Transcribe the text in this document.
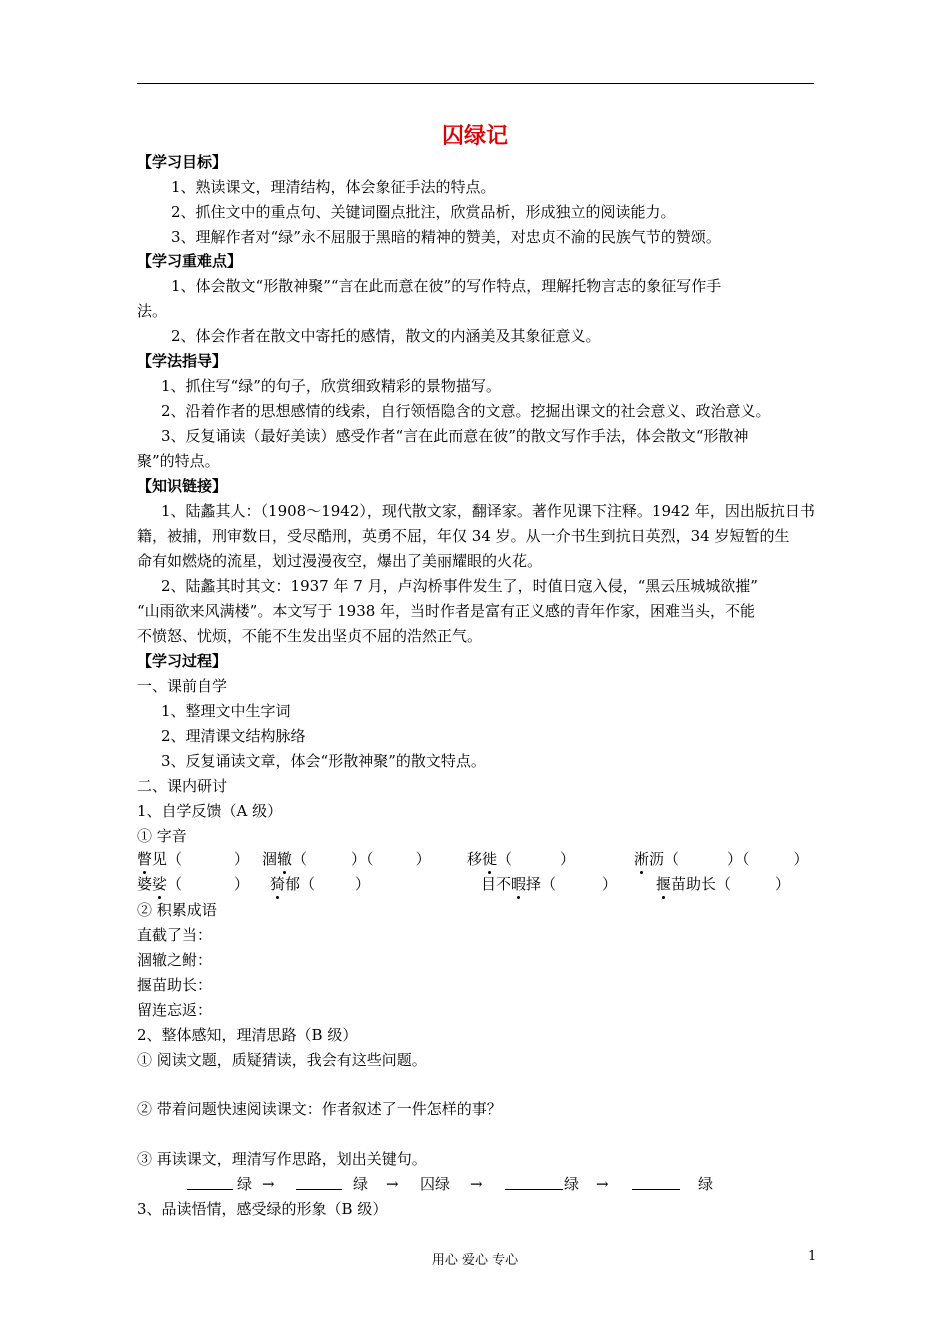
囚绿记
【学习目标】
1、熟读课文，理清结构，体会象征手法的特点。
2、抓住文中的重点句、关键词圈点批注，欣赏品析，形成独立的阅读能力。
3、理解作者对“绿”永不屈服于黑暗的精神的赞美，对忠贞不渝的民族气节的赞颂。
【学习重难点】
1、体会散文“形散神聚”“言在此而意在彼”的写作特点，理解托物言志的象征写作手
法。
2、体会作者在散文中寄托的感情，散文的内涵美及其象征意义。
【学法指导】
1、抓住写“绿”的句子，欣赏细致精彩的景物描写。
2、沿着作者的思想感情的线索，自行领悟隐含的文意。挖掘出课文的社会意义、政治意义。
3、反复诵读（最好美读）感受作者“言在此而意在彼”的散文写作手法，体会散文“形散神
聚”的特点。
【知识链接】
1、陆蠡其人：（1908～1942），现代散文家，翻译家。著作见课下注释。1942 年，因出版抗日书
籍，被捕，刑审数日，受尽酷刑，英勇不屈，年仅 34 岁。从一介书生到抗日英烈，34 岁短暂的生
命有如燃烧的流星，划过漫漫夜空，爆出了美丽耀眼的火花。
2、陆蠡其时其文：1937 年 7 月，卢沟桥事件发生了，时值日寇入侵，“黑云压城城欲摧”
“山雨欲来风满楼”。本文写于 1938 年，当时作者是富有正义感的青年作家，困难当头，不能
不愤怒、忧烦，不能不生发出坚贞不屈的浩然正气。
【学习过程】
一、课前自学
1、整理文中生字词
2、理清课文结构脉络
3、反复诵读文章，体会“形散神聚”的散文特点。
二、课内研讨
1、自学反馈（A 级）
① 字音
瞥见（	） 涸辙（	）（	） 移徙（	）	淅沥（	）（	）
婆娑（	） 猗郁（	）	目不暇择（	）	揠苗助长（	）
② 积累成语
直截了当：
涸辙之鲋：
揠苗助长：
留连忘返：
2、整体感知，理清思路（B 级）
① 阅读文题，质疑猜读，我会有这些问题。
② 带着问题快速阅读课文：作者叙述了一件怎样的事？
③ 再读课文，理清写作思路，划出关键句。
绿 →	绿 → 囚绿 →	绿 →	绿
3、品读悟情，感受绿的形象（B 级）
用心 爱心 专心	1
